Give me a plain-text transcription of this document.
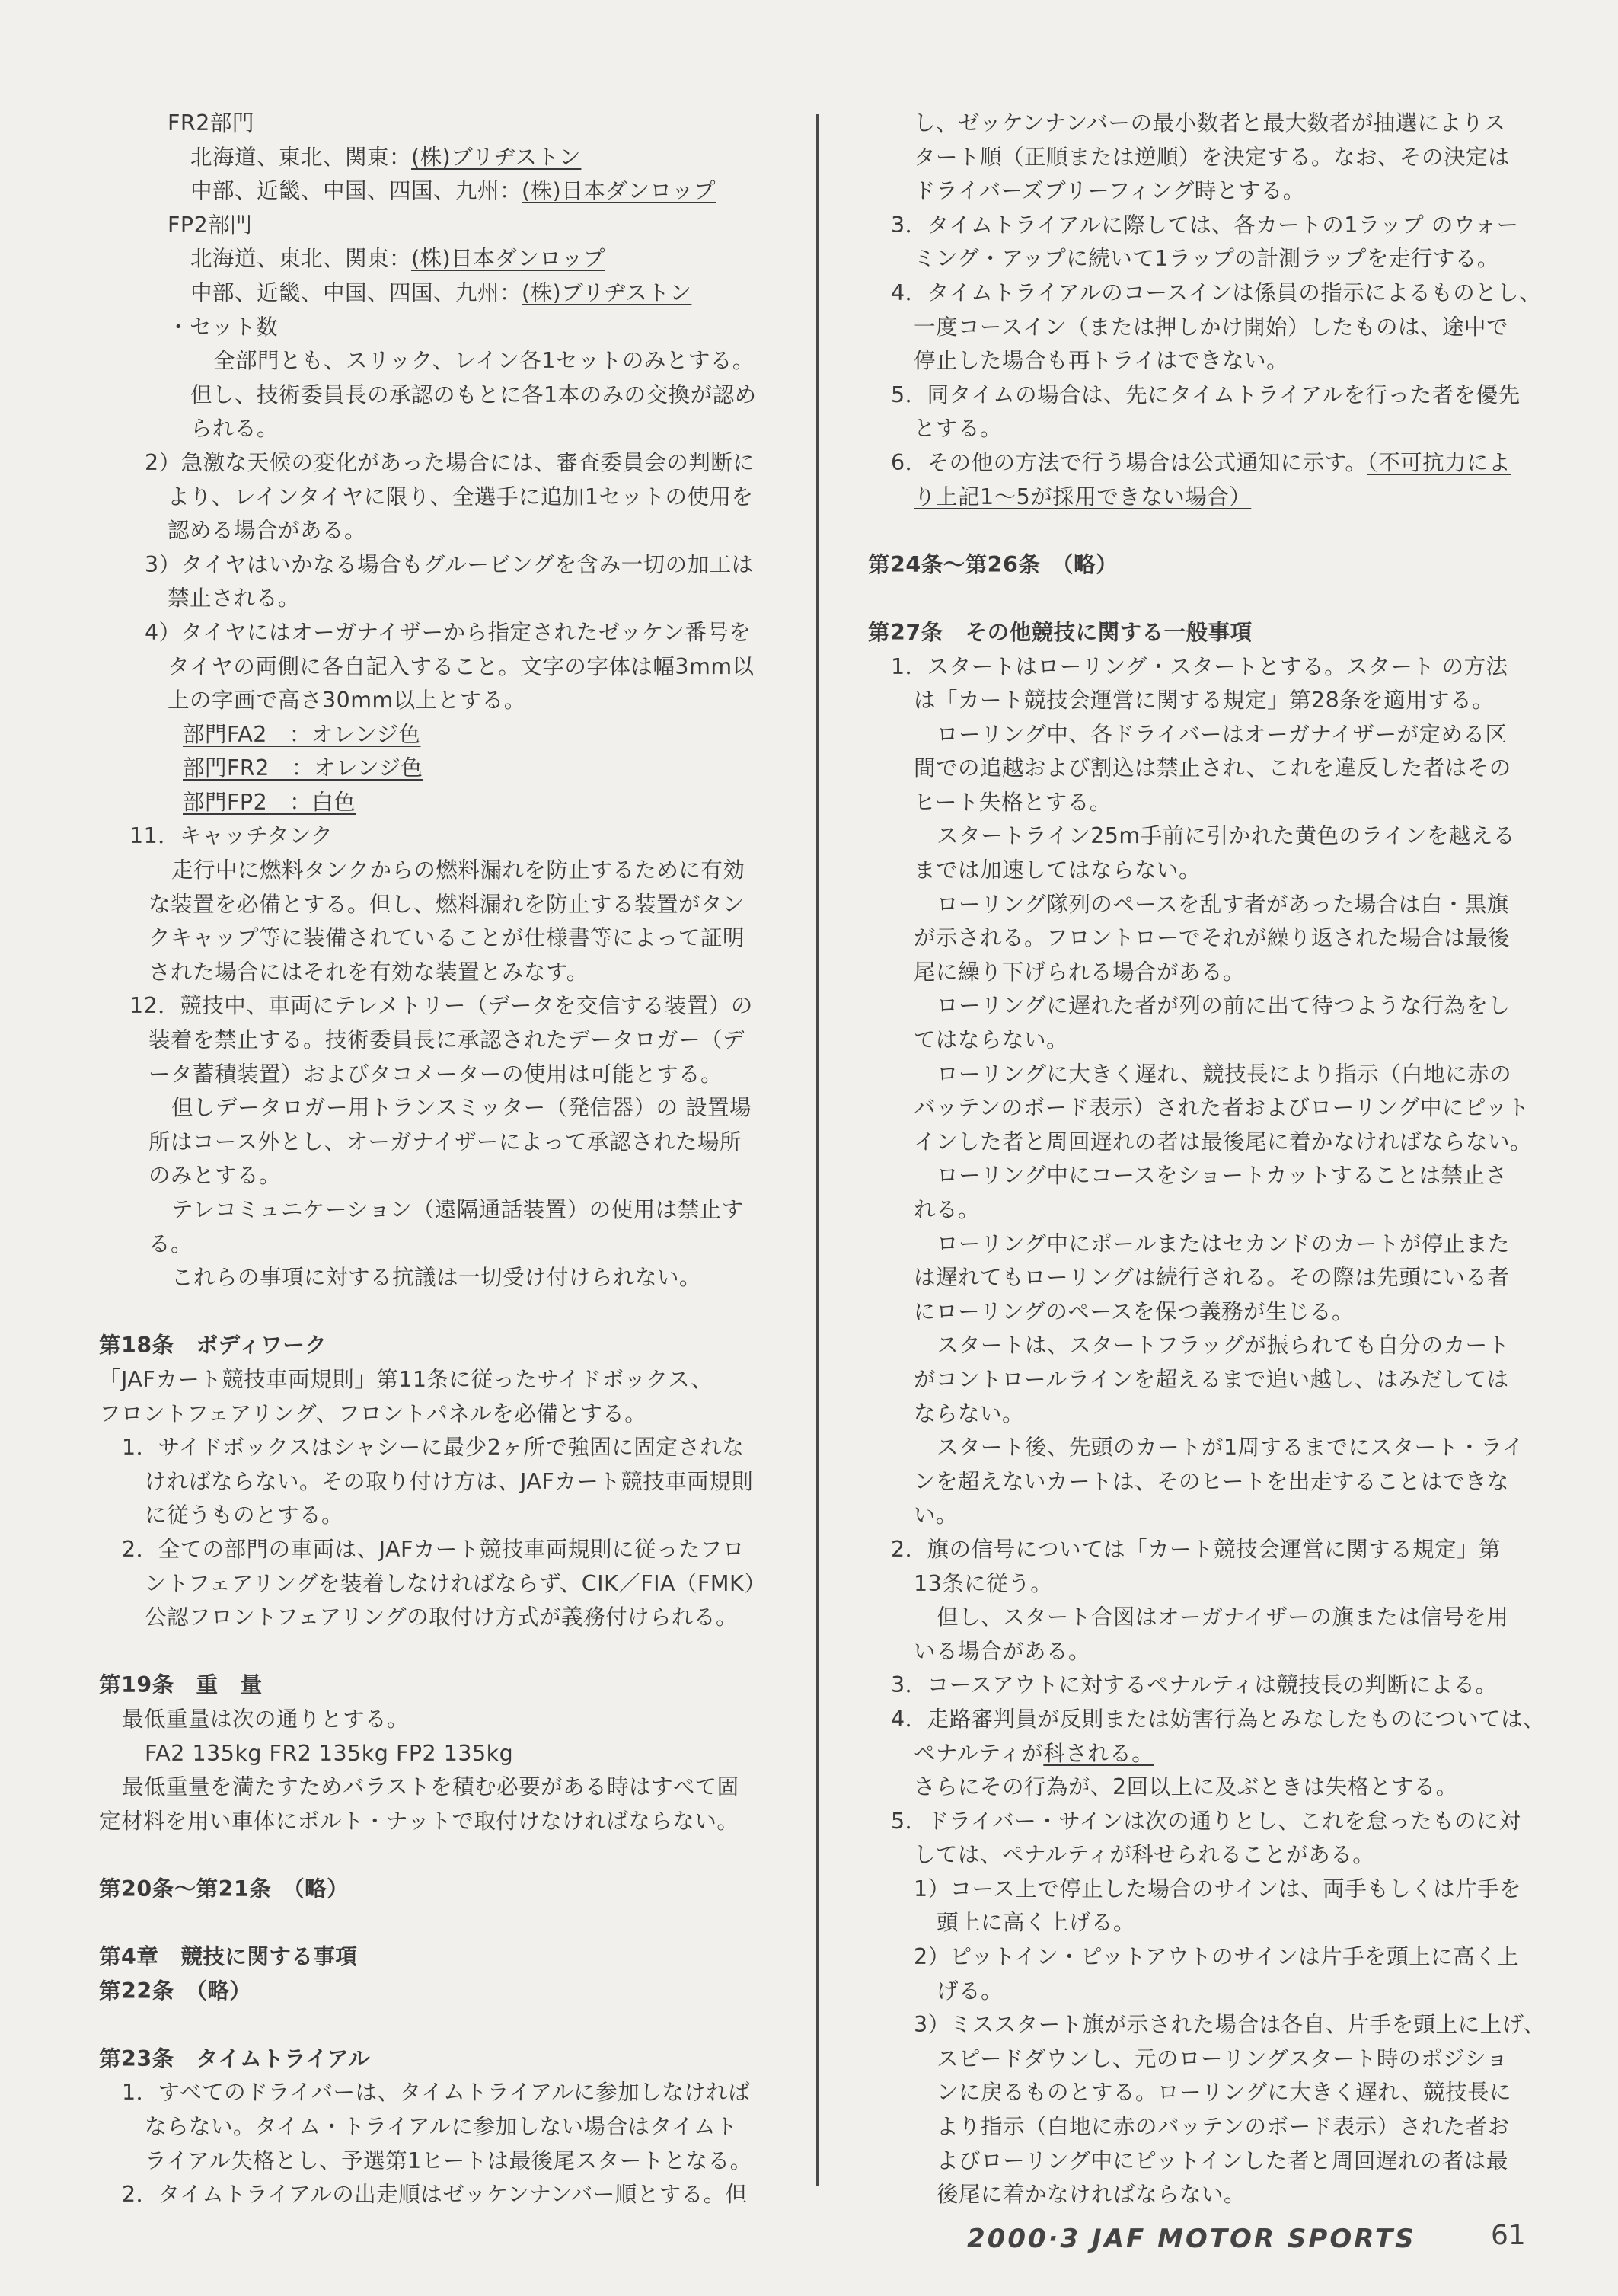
FR2部門
北海道、東北、関東：(株)ブリヂストン
中部、近畿、中国、四国、九州：(株)日本ダンロップ
FP2部門
北海道、東北、関東：(株)日本ダンロップ
中部、近畿、中国、四国、九州：(株)ブリヂストン
・セット数
全部門とも、スリック、レイン各1セットのみとする。
但し、技術委員長の承認のもとに各1本のみの交換が認め
られる。
2）急激な天候の変化があった場合には、審査委員会の判断に
より、レインタイヤに限り、全選手に追加1セットの使用を
認める場合がある。
3）タイヤはいかなる場合もグルービングを含み一切の加工は
禁止される。
4）タイヤにはオーガナイザーから指定されたゼッケン番号を
タイヤの両側に各自記入すること。文字の字体は幅3mm以
上の字画で高さ30mm以上とする。
部門FA2　：オレンジ色
部門FR2　：オレンジ色
部門FP2　：白色
11．キャッチタンク
走行中に燃料タンクからの燃料漏れを防止するために有効
な装置を必備とする。但し、燃料漏れを防止する装置がタン
クキャップ等に装備されていることが仕様書等によって証明
された場合にはそれを有効な装置とみなす。
12．競技中、車両にテレメトリー（データを交信する装置）の
装着を禁止する。技術委員長に承認されたデータロガー（デ
ータ蓄積装置）およびタコメーターの使用は可能とする。
但しデータロガー用トランスミッター（発信器）の 設置場
所はコース外とし、オーガナイザーによって承認された場所
のみとする。
テレコミュニケーション（遠隔通話装置）の使用は禁止す
る。
これらの事項に対する抗議は一切受け付けられない。
第18条　ボディワーク
「JAFカート競技車両規則」第11条に従ったサイドボックス、
フロントフェアリング、フロントパネルを必備とする。
1．サイドボックスはシャシーに最少2ヶ所で強固に固定されな
ければならない。その取り付け方は、JAFカート競技車両規則
に従うものとする。
2．全ての部門の車両は、JAFカート競技車両規則に従ったフロ
ントフェアリングを装着しなければならず、CIK／FIA（FMK）
公認フロントフェアリングの取付け方式が義務付けられる。
第19条　重　量
最低重量は次の通りとする。
FA2 135kg FR2 135kg FP2 135kg
最低重量を満たすためバラストを積む必要がある時はすべて固
定材料を用い車体にボルト・ナットで取付けなければならない。
第20条～第21条　（略）
第4章　競技に関する事項
第22条　（略）
第23条　タイムトライアル
1．すべてのドライバーは、タイムトライアルに参加しなければ
ならない。タイム・トライアルに参加しない場合はタイムト
ライアル失格とし、予選第1ヒートは最後尾スタートとなる。
2．タイムトライアルの出走順はゼッケンナンバー順とする。但
し、ゼッケンナンバーの最小数者と最大数者が抽選によりス
タート順（正順または逆順）を決定する。なお、その決定は
ドライバーズブリーフィング時とする。
3．タイムトライアルに際しては、各カートの1ラップ のウォー
ミング・アップに続いて1ラップの計測ラップを走行する。
4．タイムトライアルのコースインは係員の指示によるものとし、
一度コースイン（または押しかけ開始）したものは、途中で
停止した場合も再トライはできない。
5．同タイムの場合は、先にタイムトライアルを行った者を優先
とする。
6．その他の方法で行う場合は公式通知に示す。（不可抗力によ
り上記1～5が採用できない場合）
第24条～第26条　（略）
第27条　その他競技に関する一般事項
1．スタートはローリング・スタートとする。スタート の方法
は「カート競技会運営に関する規定」第28条を適用する。
ローリング中、各ドライバーはオーガナイザーが定める区
間での追越および割込は禁止され、これを違反した者はその
ヒート失格とする。
スタートライン25m手前に引かれた黄色のラインを越える
までは加速してはならない。
ローリング隊列のペースを乱す者があった場合は白・黒旗
が示される。フロントローでそれが繰り返された場合は最後
尾に繰り下げられる場合がある。
ローリングに遅れた者が列の前に出て待つような行為をし
てはならない。
ローリングに大きく遅れ、競技長により指示（白地に赤の
バッテンのボード表示）された者およびローリング中にピット
インした者と周回遅れの者は最後尾に着かなければならない。
ローリング中にコースをショートカットすることは禁止さ
れる。
ローリング中にポールまたはセカンドのカートが停止また
は遅れてもローリングは続行される。その際は先頭にいる者
にローリングのペースを保つ義務が生じる。
スタートは、スタートフラッグが振られても自分のカート
がコントロールラインを超えるまで追い越し、はみだしては
ならない。
スタート後、先頭のカートが1周するまでにスタート・ライ
ンを超えないカートは、そのヒートを出走することはできな
い。
2．旗の信号については「カート競技会運営に関する規定」第
13条に従う。
但し、スタート合図はオーガナイザーの旗または信号を用
いる場合がある。
3．コースアウトに対するペナルティは競技長の判断による。
4．走路審判員が反則または妨害行為とみなしたものについては、
ペナルティが科される。
さらにその行為が、2回以上に及ぶときは失格とする。
5．ドライバー・サインは次の通りとし、これを怠ったものに対
しては、ペナルティが科せられることがある。
1）コース上で停止した場合のサインは、両手もしくは片手を
頭上に高く上げる。
2）ピットイン・ピットアウトのサインは片手を頭上に高く上
げる。
3）ミススタート旗が示された場合は各自、片手を頭上に上げ、
スピードダウンし、元のローリングスタート時のポジショ
ンに戻るものとする。ローリングに大きく遅れ、競技長に
より指示（白地に赤のバッテンのボード表示）された者お
よびローリング中にピットインした者と周回遅れの者は最
後尾に着かなければならない。
2000·3 JAF MOTOR SPORTS	61
